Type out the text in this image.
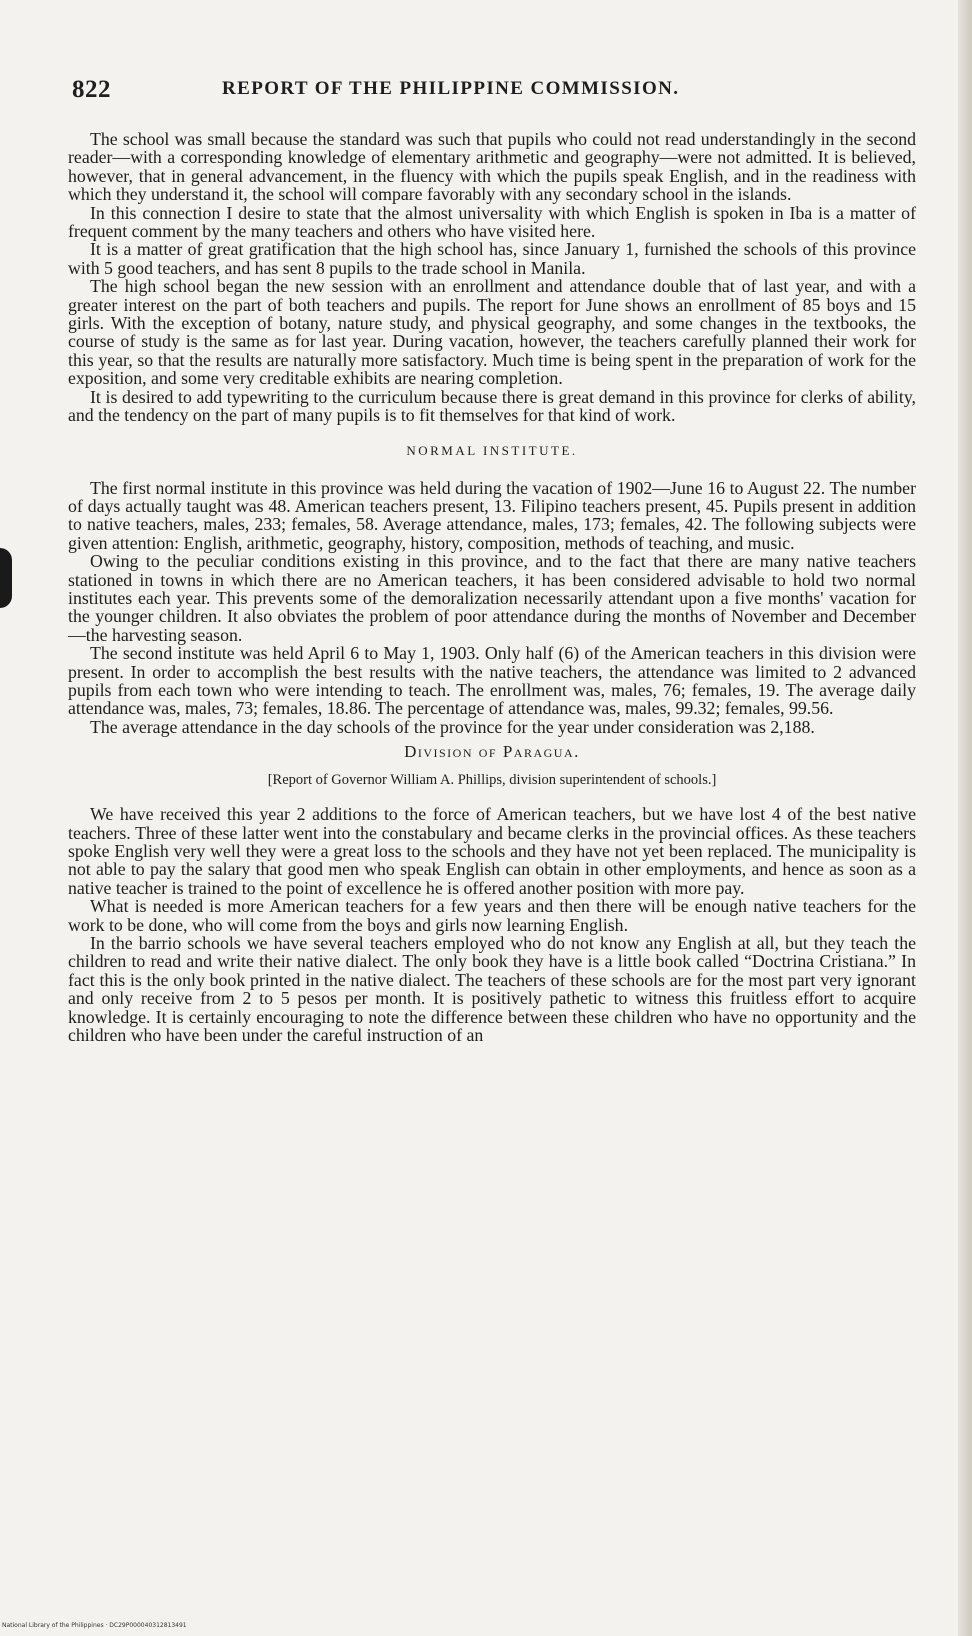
822	REPORT OF THE PHILIPPINE COMMISSION.

The school was small because the standard was such that pupils who could not read understandingly in the second reader—with a corresponding knowledge of elementary arithmetic and geography—were not admitted. It is believed, however, that in general advancement, in the fluency with which the pupils speak English, and in the readiness with which they understand it, the school will compare favorably with any secondary school in the islands.

In this connection I desire to state that the almost universality with which English is spoken in Iba is a matter of frequent comment by the many teachers and others who have visited here.

It is a matter of great gratification that the high school has, since January 1, furnished the schools of this province with 5 good teachers, and has sent 8 pupils to the trade school in Manila.

The high school began the new session with an enrollment and attendance double that of last year, and with a greater interest on the part of both teachers and pupils. The report for June shows an enrollment of 85 boys and 15 girls. With the exception of botany, nature study, and physical geography, and some changes in the textbooks, the course of study is the same as for last year. During vacation, however, the teachers carefully planned their work for this year, so that the results are naturally more satisfactory. Much time is being spent in the preparation of work for the exposition, and some very creditable exhibits are nearing completion.

It is desired to add typewriting to the curriculum because there is great demand in this province for clerks of ability, and the tendency on the part of many pupils is to fit themselves for that kind of work.

NORMAL INSTITUTE.

The first normal institute in this province was held during the vacation of 1902—June 16 to August 22. The number of days actually taught was 48. American teachers present, 13. Filipino teachers present, 45. Pupils present in addition to native teachers, males, 233; females, 58. Average attendance, males, 173; females, 42. The following subjects were given attention: English, arithmetic, geography, history, composition, methods of teaching, and music.

Owing to the peculiar conditions existing in this province, and to the fact that there are many native teachers stationed in towns in which there are no American teachers, it has been considered advisable to hold two normal institutes each year. This prevents some of the demoralization necessarily attendant upon a five months' vacation for the younger children. It also obviates the problem of poor attendance during the months of November and December—the harvesting season.

The second institute was held April 6 to May 1, 1903. Only half (6) of the American teachers in this division were present. In order to accomplish the best results with the native teachers, the attendance was limited to 2 advanced pupils from each town who were intending to teach. The enrollment was, males, 76; females, 19. The average daily attendance was, males, 73; females, 18.86. The percentage of attendance was, males, 99.32; females, 99.56.

The average attendance in the day schools of the province for the year under consideration was 2,188.

Division of Paragua.
[Report of Governor William A. Phillips, division superintendent of schools.]

We have received this year 2 additions to the force of American teachers, but we have lost 4 of the best native teachers. Three of these latter went into the constabulary and became clerks in the provincial offices. As these teachers spoke English very well they were a great loss to the schools and they have not yet been replaced. The municipality is not able to pay the salary that good men who speak English can obtain in other employments, and hence as soon as a native teacher is trained to the point of excellence he is offered another position with more pay.

What is needed is more American teachers for a few years and then there will be enough native teachers for the work to be done, who will come from the boys and girls now learning English.

In the barrio schools we have several teachers employed who do not know any English at all, but they teach the children to read and write their native dialect. The only book they have is a little book called “Doctrina Cristiana.” In fact this is the only book printed in the native dialect. The teachers of these schools are for the most part very ignorant and only receive from 2 to 5 pesos per month. It is positively pathetic to witness this fruitless effort to acquire knowledge. It is certainly encouraging to note the difference between these children who have no opportunity and the children who have been under the careful instruction of an

National Library of the Philippines · DC29P000040312813491
